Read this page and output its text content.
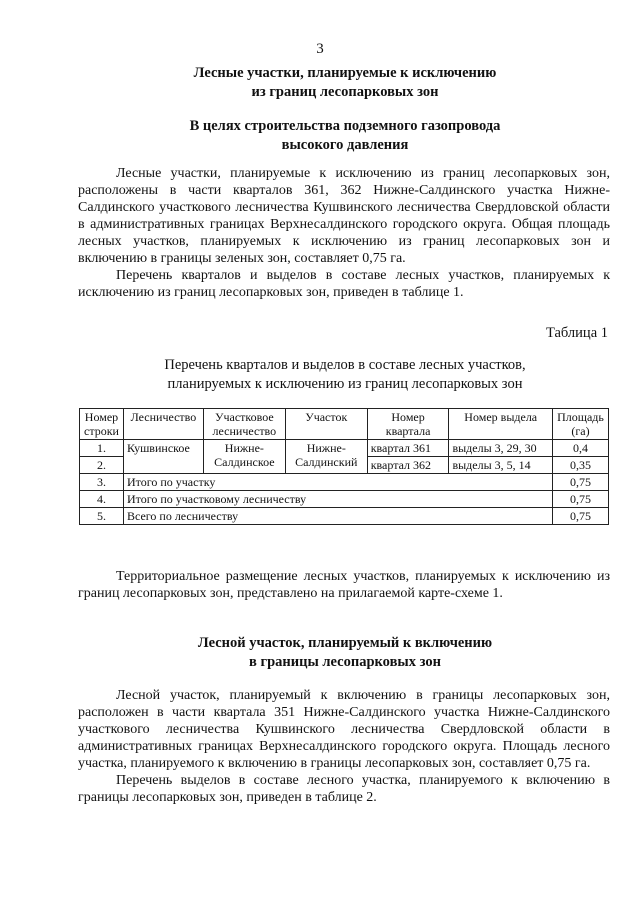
3
Лесные участки, планируемые к исключению
из границ лесопарковых зон
В целях строительства подземного газопровода
высокого давления

Лесные участки, планируемые к исключению из границ лесопарковых зон, расположены в части кварталов 361, 362 Нижне-Салдинского участка Нижне-Салдинского участкового лесничества Кушвинского лесничества Свердловской области в административных границах Верхнесалдинского городского округа. Общая площадь лесных участков, планируемых к исключению из границ лесопарковых зон и включению в границы зеленых зон, составляет 0,75 га.

Перечень кварталов и выделов в составе лесных участков, планируемых к исключению из границ лесопарковых зон, приведен в таблице 1.

Таблица 1
Перечень кварталов и выделов в составе лесных участков,
планируемых к исключению из границ лесопарковых зон
Номер строки	Лесничество	Участковое лесничество	Участок	Номер квартала	Номер выдела	Площадь (га)
1.	Кушвинское	Нижне-Салдинское	Нижне-Салдинский	квартал 361	выделы 3, 29, 30	0,4
2.				квартал 362	выделы 3, 5, 14	0,35
3.	Итого по участку					0,75
4.	Итого по участковому лесничеству					0,75
5.	Всего по лесничеству					0,75

Территориальное размещение лесных участков, планируемых к исключению из границ лесопарковых зон, представлено на прилагаемой карте-схеме 1.

Лесной участок, планируемый к включению
в границы лесопарковых зон

Лесной участок, планируемый к включению в границы лесопарковых зон, расположен в части квартала 351 Нижне-Салдинского участка Нижне-Салдинского участкового лесничества Кушвинского лесничества Свердловской области в административных границах Верхнесалдинского городского округа. Площадь лесного участка, планируемого к включению в границы лесопарковых зон, составляет 0,75 га.

Перечень выделов в составе лесного участка, планируемого к включению в границы лесопарковых зон, приведен в таблице 2.
